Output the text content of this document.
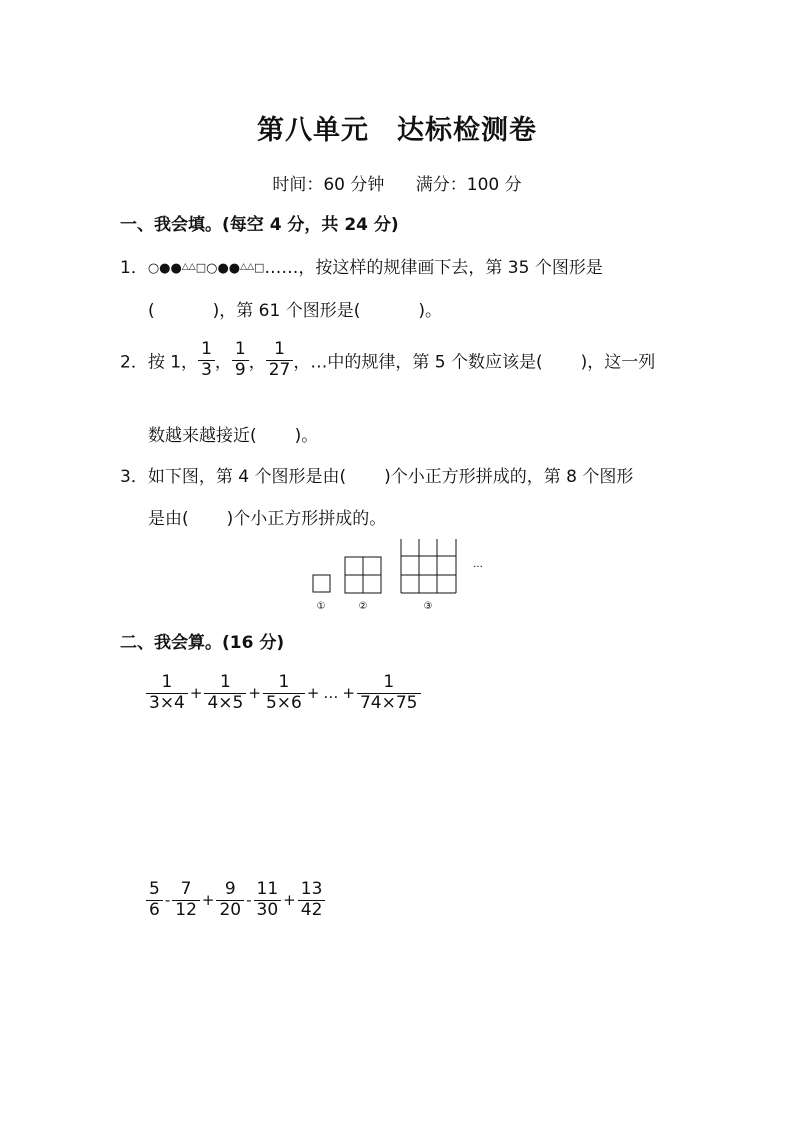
第八单元　达标检测卷
时间：60 分钟 满分：100 分
一、我会填。(每空 4 分，共 24 分)
1．○●●△△□○●●△△□……，按这样的规律画下去，第 35 个图形是
(	)，第 61 个图形是(	)。
2．按 1， $\frac{1}{3}$ ， $\frac{1}{9}$ ， $\frac{1}{27}$ ，…中的规律，第 5 个数应该是( )，这一列
数越来越接近( )。
3．如下图，第 4 个图形是由( )个小正方形拼成的，第 8 个图形
是由( )个小正方形拼成的。
①	②	③
…
二、我会算。(16 分)
$\frac{1}{3\times 4} + \frac{1}{4\times 5} + \frac{1}{5\times 6}$ + … + $\frac{1}{74\times 75}$
$\frac{5}{6} - \frac{7}{12} + \frac{9}{20} - \frac{11}{30} + \frac{13}{42}$
